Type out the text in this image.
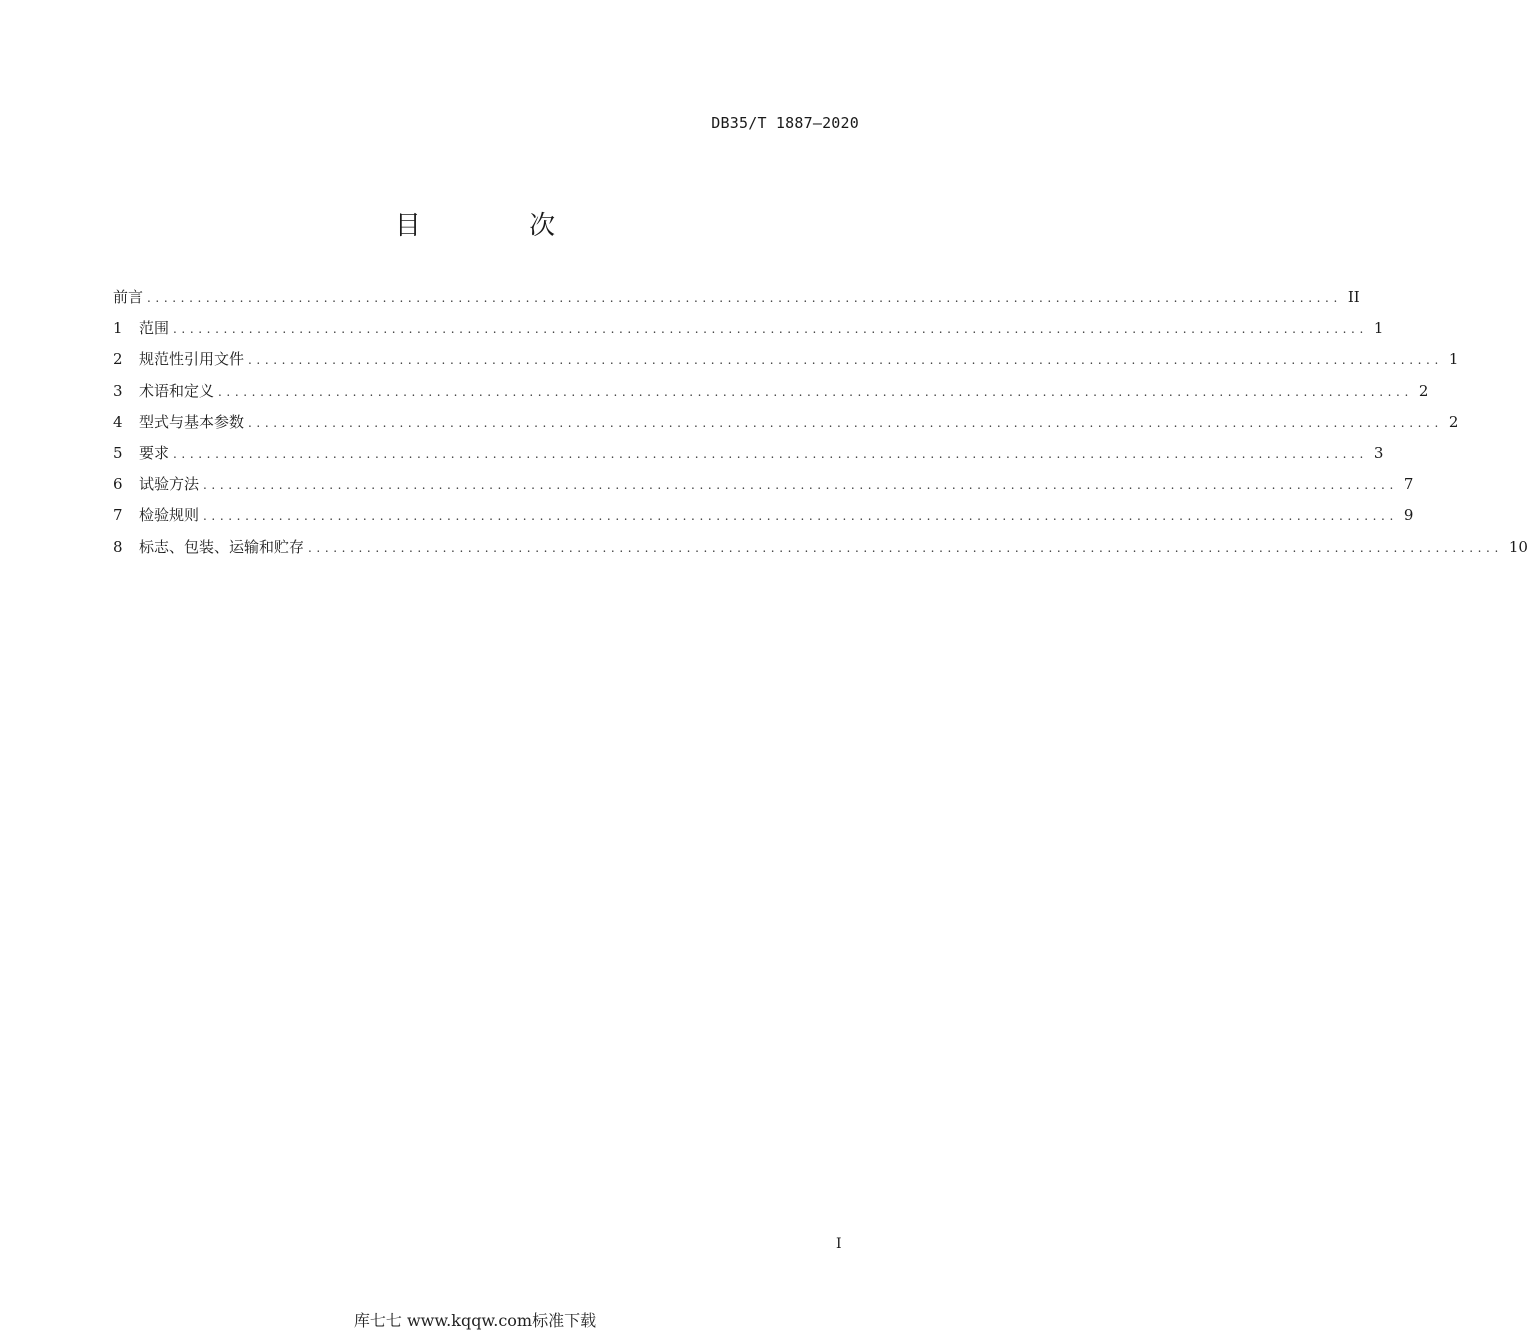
DB35/T 1887—2020
目 次
前言 .............................................................................................................................................. II
1	范围 .............................................................................................................................................. 1
2	规范性引用文件 .............................................................................................................................................. 1
3	术语和定义 .............................................................................................................................................. 2
4	型式与基本参数 .............................................................................................................................................. 2
5	要求 .............................................................................................................................................. 3
6	试验方法 .............................................................................................................................................. 7
7	检验规则 .............................................................................................................................................. 9
8	标志、包装、运输和贮存 .............................................................................................................................................. 10
I
库七七 www.kqqw.com标准下载
